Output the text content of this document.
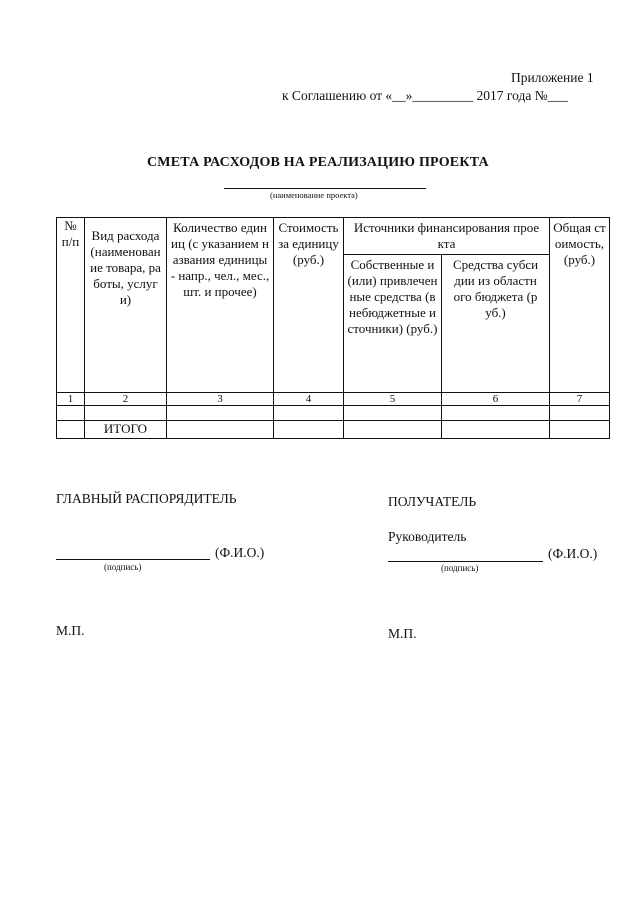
Приложение 1
к Соглашению от «__»_________ 2017 года №___
СМЕТА РАСХОДОВ НА РЕАЛИЗАЦИЮ ПРОЕКТА
(наименование проекта)
№ п/п	Вид расхода (наименование товара, работы, услуги)	Количество единиц (с указанием названия единицы - напр., чел., мес., шт. и прочее)	Стоимость за единицу (руб.)	Источники финансирования проекта		Общая стоимость, (руб.)

				Собственные и (или) привлеченные средства (внебюджетные источники) (руб.)	Средства субсидии из областного бюджета (руб.)	

1	2	3	4	5	6	7

	ИТОГО					
ГЛАВНЫЙ РАСПОРЯДИТЕЛЬ
(Ф.И.О.)
(подпись)
М.П.
ПОЛУЧАТЕЛЬ
Руководитель
(Ф.И.О.)
(подпись)
М.П.
